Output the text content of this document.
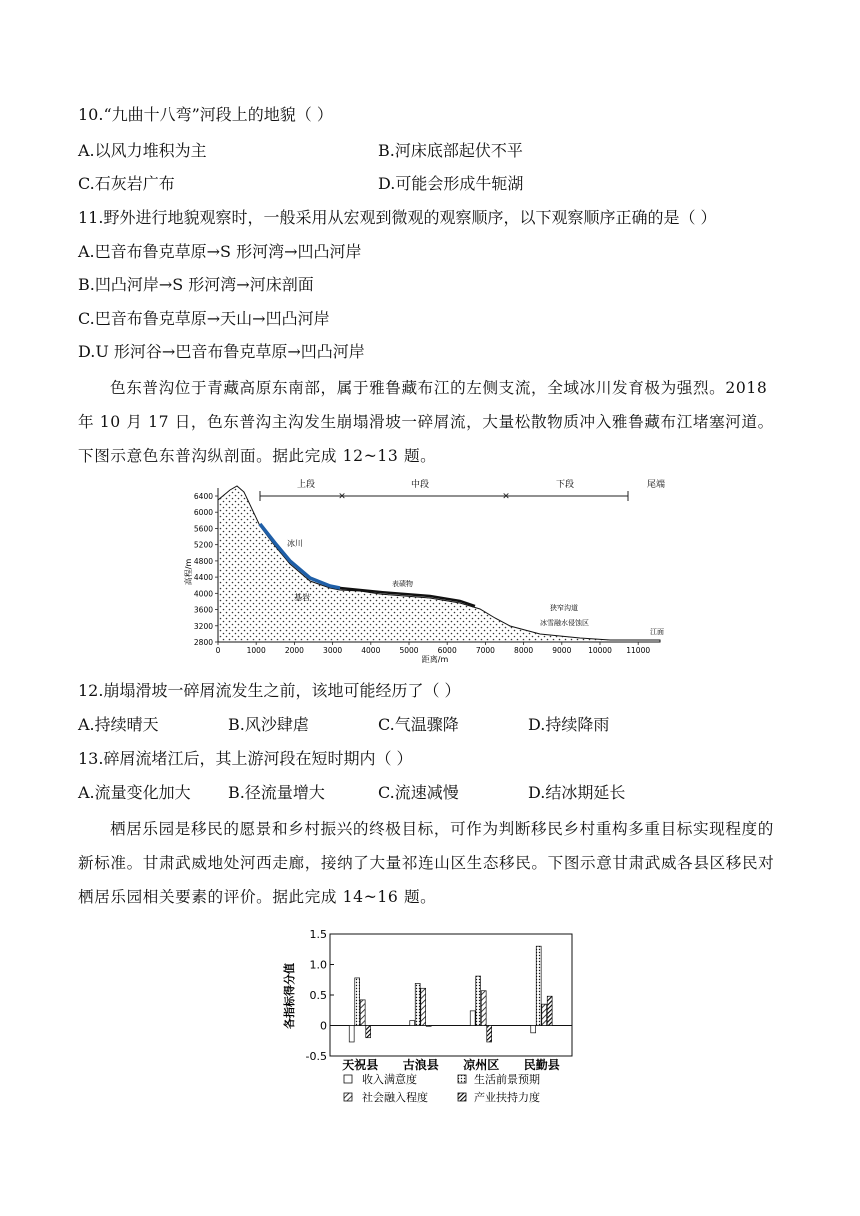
10.“九曲十八弯”河段上的地貌（ ）
A.以风力堆积为主	B.河床底部起伏不平
C.石灰岩广布	D.可能会形成牛轭湖
11.野外进行地貌观察时，一般采用从宏观到微观的观察顺序，以下观察顺序正确的是（ ）
A.巴音布鲁克草原→S 形河湾→凹凸河岸
B.凹凸河岸→S 形河湾→河床剖面
C.巴音布鲁克草原→天山→凹凸河岸
D.U 形河谷→巴音布鲁克草原→凹凸河岸
色东普沟位于青藏高原东南部，属于雅鲁藏布江的左侧支流，全域冰川发育极为强烈。2018 年 10 月 17 日，色东普沟主沟发生崩塌滑坡一碎屑流，大量松散物质冲入雅鲁藏布江堵塞河道。下图示意色东普沟纵剖面。据此完成 12~13 题。
✕	✕
上段	中段	下段	尾端
冰川
基岩
表碛物
狭窄沟道
冰雪融水侵蚀区
江面
高程/m
6400
6000
5600
5200
4800
4400
4000
3600
3200
2800
0	1000	2000	3000	4000	5000	6000	7000	8000	9000 10000 11000
距离/m
12.崩塌滑坡一碎屑流发生之前，该地可能经历了（ ）
A.持续晴天	B.风沙肆虐	C.气温骤降	D.持续降雨
13.碎屑流堵江后，其上游河段在短时期内（ ）
A.流量变化加大 B.径流量增大	C.流速减慢	D.结冰期延长
栖居乐园是移民的愿景和乡村振兴的终极目标，可作为判断移民乡村重构多重目标实现程度的新标准。甘肃武威地处河西走廊，接纳了大量祁连山区生态移民。下图示意甘肃武威各县区移民对栖居乐园相关要素的评价。据此完成 14~16 题。
各指标得分值
1.5
1.0
0.5
0
-0.5
天祝县 古浪县 凉州区 民勤县
收入满意度	生活前景预期
社会融入程度	产业扶持力度
